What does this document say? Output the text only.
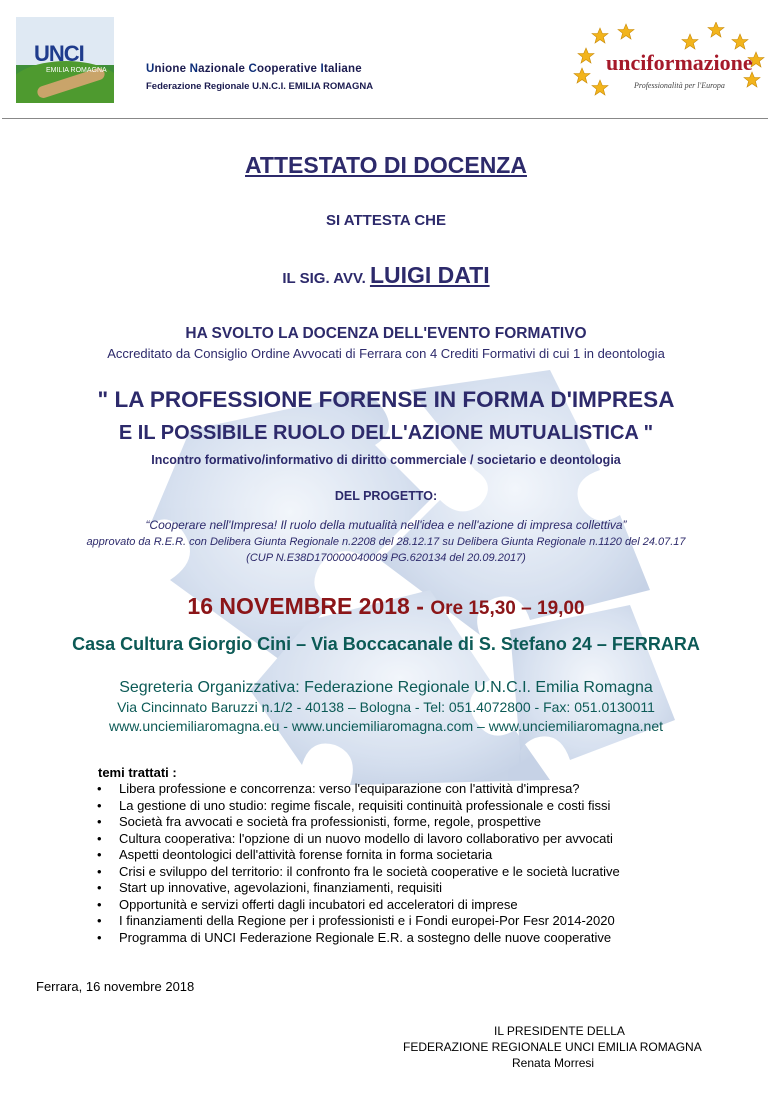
UNCI
EMILIA ROMAGNA	Unione Nazionale Cooperative Italiane
Federazione Regionale U.N.C.I. EMILIA ROMAGNA
unciformazione
Professionalità per l'Europa
ATTESTATO DI DOCENZA
SI ATTESTA CHE
IL SIG. AVV. LUIGI DATI
HA SVOLTO LA DOCENZA DELL'EVENTO FORMATIVO
Accreditato da Consiglio Ordine Avvocati di Ferrara con 4 Crediti Formativi di cui 1 in deontologia
" LA PROFESSIONE FORENSE IN FORMA D'IMPRESA
E IL POSSIBILE RUOLO DELL'AZIONE MUTUALISTICA "
Incontro formativo/informativo di diritto commerciale / societario e deontologia
DEL PROGETTO:
“Cooperare nell'Impresa! Il ruolo della mutualità nell'idea e nell'azione di impresa collettiva”
approvato da R.E.R. con Delibera Giunta Regionale n.2208 del 28.12.17 su Delibera Giunta Regionale n.1120 del 24.07.17
(CUP N.E38D170000040009 PG.620134 del 20.09.2017)
16 NOVEMBRE 2018 - Ore 15,30 – 19,00
Casa Cultura Giorgio Cini – Via Boccacanale di S. Stefano 24 – FERRARA
Segreteria Organizzativa: Federazione Regionale U.N.C.I. Emilia Romagna
Via Cincinnato Baruzzi n.1/2 - 40138 – Bologna - Tel: 051.4072800 - Fax: 051.0130011
www.unciemiliaromagna.eu - www.unciemiliaromagna.com – www.unciemiliaromagna.net
temi trattati :
• Libera professione e concorrenza: verso l'equiparazione con l'attività d'impresa?
• La gestione di uno studio: regime fiscale, requisiti continuità professionale e costi fissi
• Società fra avvocati e società fra professionisti, forme, regole, prospettive
• Cultura cooperativa: l'opzione di un nuovo modello di lavoro collaborativo per avvocati
• Aspetti deontologici dell'attività forense fornita in forma societaria
• Crisi e sviluppo del territorio: il confronto fra le società cooperative e le società lucrative
• Start up innovative, agevolazioni, finanziamenti, requisiti
• Opportunità e servizi offerti dagli incubatori ed acceleratori di imprese
• I finanziamenti della Regione per i professionisti e i Fondi europei-Por Fesr 2014-2020
• Programma di UNCI Federazione Regionale E.R. a sostegno delle nuove cooperative
Ferrara, 16 novembre 2018
IL PRESIDENTE DELLA
FEDERAZIONE REGIONALE UNCI EMILIA ROMAGNA
Renata Morresi
